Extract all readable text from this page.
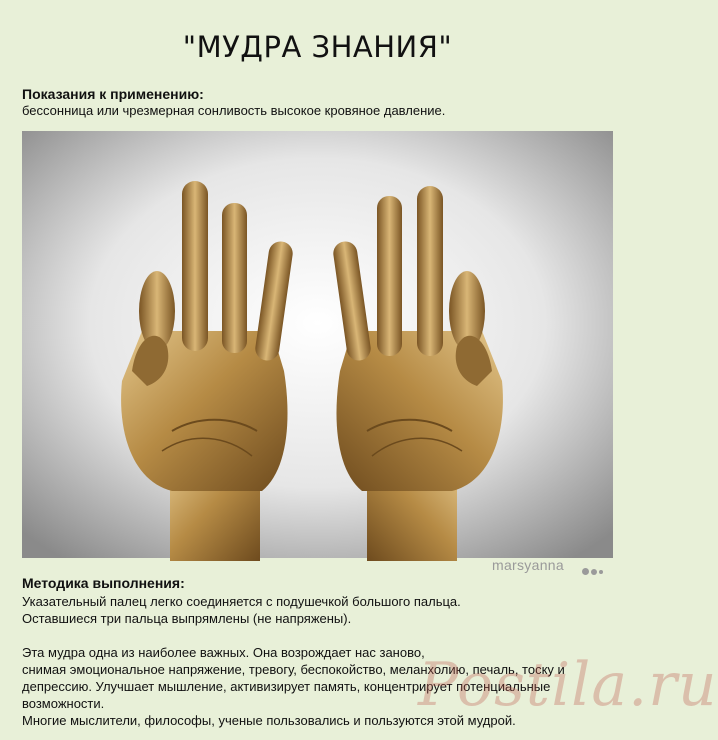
"МУДРА ЗНАНИЯ"
Показания к применению:
бессонница или чрезмерная сонливость высокое кровяное давление.
marsyanna
Методика выполнения:

Указательный палец легко соединяется с подушечкой большого пальца.

Оставшиеся три пальца выпрямлены (не напряжены).

Эта мудра одна из наиболее важных. Она возрождает нас заново,

снимая эмоциональное напряжение, тревогу, беспокойство, меланхолию, печаль, тоску и депрессию. Улучшает мышление, активизирует память, концентрирует потенциальные возможности.

Многие мыслители, философы, ученые пользовались и пользуются этой мудрой.

Postila.ru
